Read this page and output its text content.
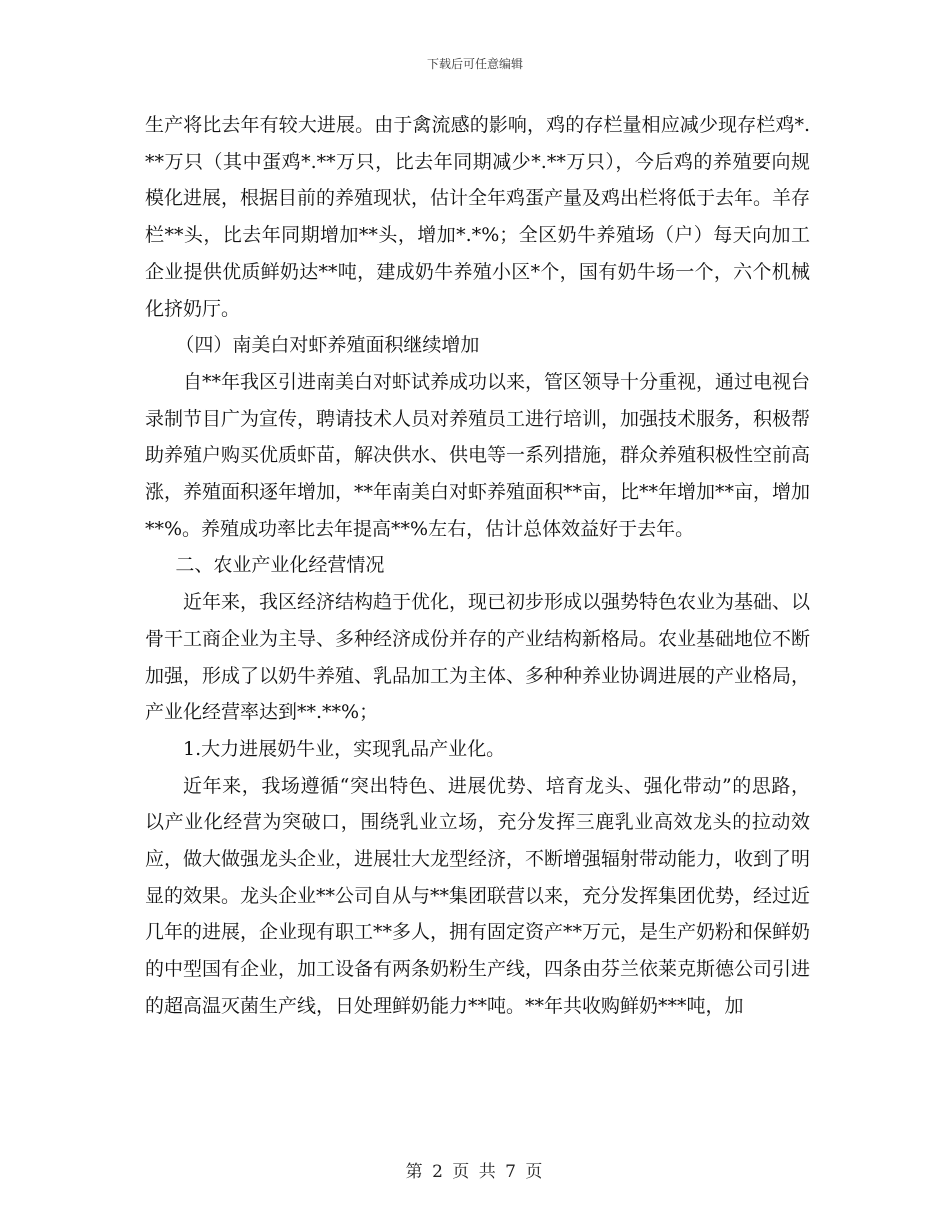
下载后可任意编辑

生产将比去年有较大进展。由于禽流感的影响，鸡的存栏量相应减少现存栏鸡*.**万只（其中蛋鸡*.**万只，比去年同期减少*.**万只），今后鸡的养殖要向规模化进展，根据目前的养殖现状，估计全年鸡蛋产量及鸡出栏将低于去年。羊存栏**头，比去年同期增加**头，增加*.*%；全区奶牛养殖场（户）每天向加工企业提供优质鲜奶达**吨，建成奶牛养殖小区*个，国有奶牛场一个，六个机械化挤奶厅。

（四）南美白对虾养殖面积继续增加

自**年我区引进南美白对虾试养成功以来，管区领导十分重视，通过电视台录制节目广为宣传，聘请技术人员对养殖员工进行培训，加强技术服务，积极帮助养殖户购买优质虾苗，解决供水、供电等一系列措施，群众养殖积极性空前高涨，养殖面积逐年增加，**年南美白对虾养殖面积**亩，比**年增加**亩，增加**%。养殖成功率比去年提高**%左右，估计总体效益好于去年。

二、农业产业化经营情况

近年来，我区经济结构趋于优化，现已初步形成以强势特色农业为基础、以骨干工商企业为主导、多种经济成份并存的产业结构新格局。农业基础地位不断加强，形成了以奶牛养殖、乳品加工为主体、多种种养业协调进展的产业格局，产业化经营率达到**.**%；

1.大力进展奶牛业，实现乳品产业化。

近年来，我场遵循“突出特色、进展优势、培育龙头、强化带动”的思路，以产业化经营为突破口，围绕乳业立场，充分发挥三鹿乳业高效龙头的拉动效应，做大做强龙头企业，进展壮大龙型经济，不断增强辐射带动能力，收到了明显的效果。龙头企业**公司自从与**集团联营以来，充分发挥集团优势，经过近几年的进展，企业现有职工**多人，拥有固定资产**万元，是生产奶粉和保鲜奶的中型国有企业，加工设备有两条奶粉生产线，四条由芬兰依莱克斯德公司引进的超高温灭菌生产线，日处理鲜奶能力**吨。**年共收购鲜奶***吨，加

第 2 页 共 7 页
